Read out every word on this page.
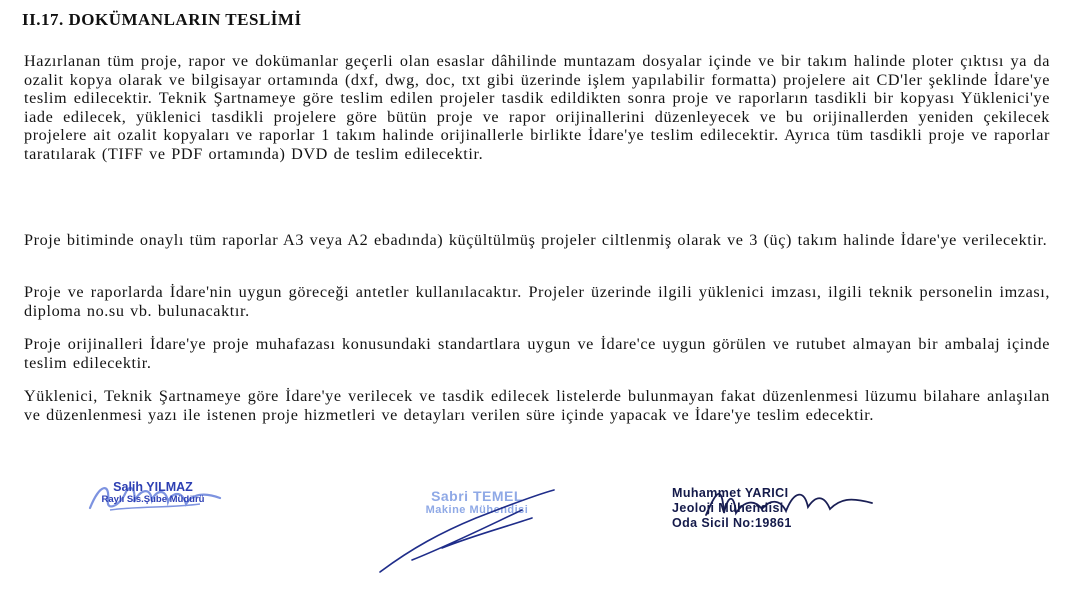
II.17. DOKÜMANLARIN TESLİMİ
Hazırlanan tüm proje, rapor ve dokümanlar geçerli olan esaslar dâhilinde muntazam dosyalar içinde ve bir takım halinde ploter çıktısı ya da ozalit kopya olarak ve bilgisayar ortamında (dxf, dwg, doc, txt gibi üzerinde işlem yapılabilir formatta) projelere ait CD'ler şeklinde İdare'ye teslim edilecektir. Teknik Şartnameye göre teslim edilen projeler tasdik edildikten sonra proje ve raporların tasdikli bir kopyası Yüklenici'ye iade edilecek, yüklenici tasdikli projelere göre bütün proje ve rapor orijinallerini düzenleyecek ve bu orijinallerden yeniden çekilecek projelere ait ozalit kopyaları ve raporlar 1 takım halinde orijinallerle birlikte İdare'ye teslim edilecektir. Ayrıca tüm tasdikli proje ve raporlar taratılarak (TIFF ve PDF ortamında) DVD de teslim edilecektir.
Proje bitiminde onaylı tüm raporlar A3 veya A2 ebadında) küçültülmüş projeler ciltlenmiş olarak ve 3 (üç) takım halinde İdare'ye verilecektir.
Proje ve raporlarda İdare'nin uygun göreceği antetler kullanılacaktır. Projeler üzerinde ilgili yüklenici imzası, ilgili teknik personelin imzası, diploma no.su vb. bulunacaktır.
Proje orijinalleri İdare'ye proje muhafazası konusundaki standartlara uygun ve İdare'ce uygun görülen ve rutubet almayan bir ambalaj içinde teslim edilecektir.
Yüklenici, Teknik Şartnameye göre İdare'ye verilecek ve tasdik edilecek listelerde bulunmayan fakat düzenlenmesi lüzumu bilahare anlaşılan ve düzenlenmesi yazı ile istenen proje hizmetleri ve detayları verilen süre içinde yapacak ve İdare'ye teslim edecektir.
Salih YILMAZ
Raylı Sis.Şube Müdürü	Sabri TEMEL
Makine Mühendisi
Muhammet YARICI
Jeoloji Mühendisi
Oda Sicil No:19861
